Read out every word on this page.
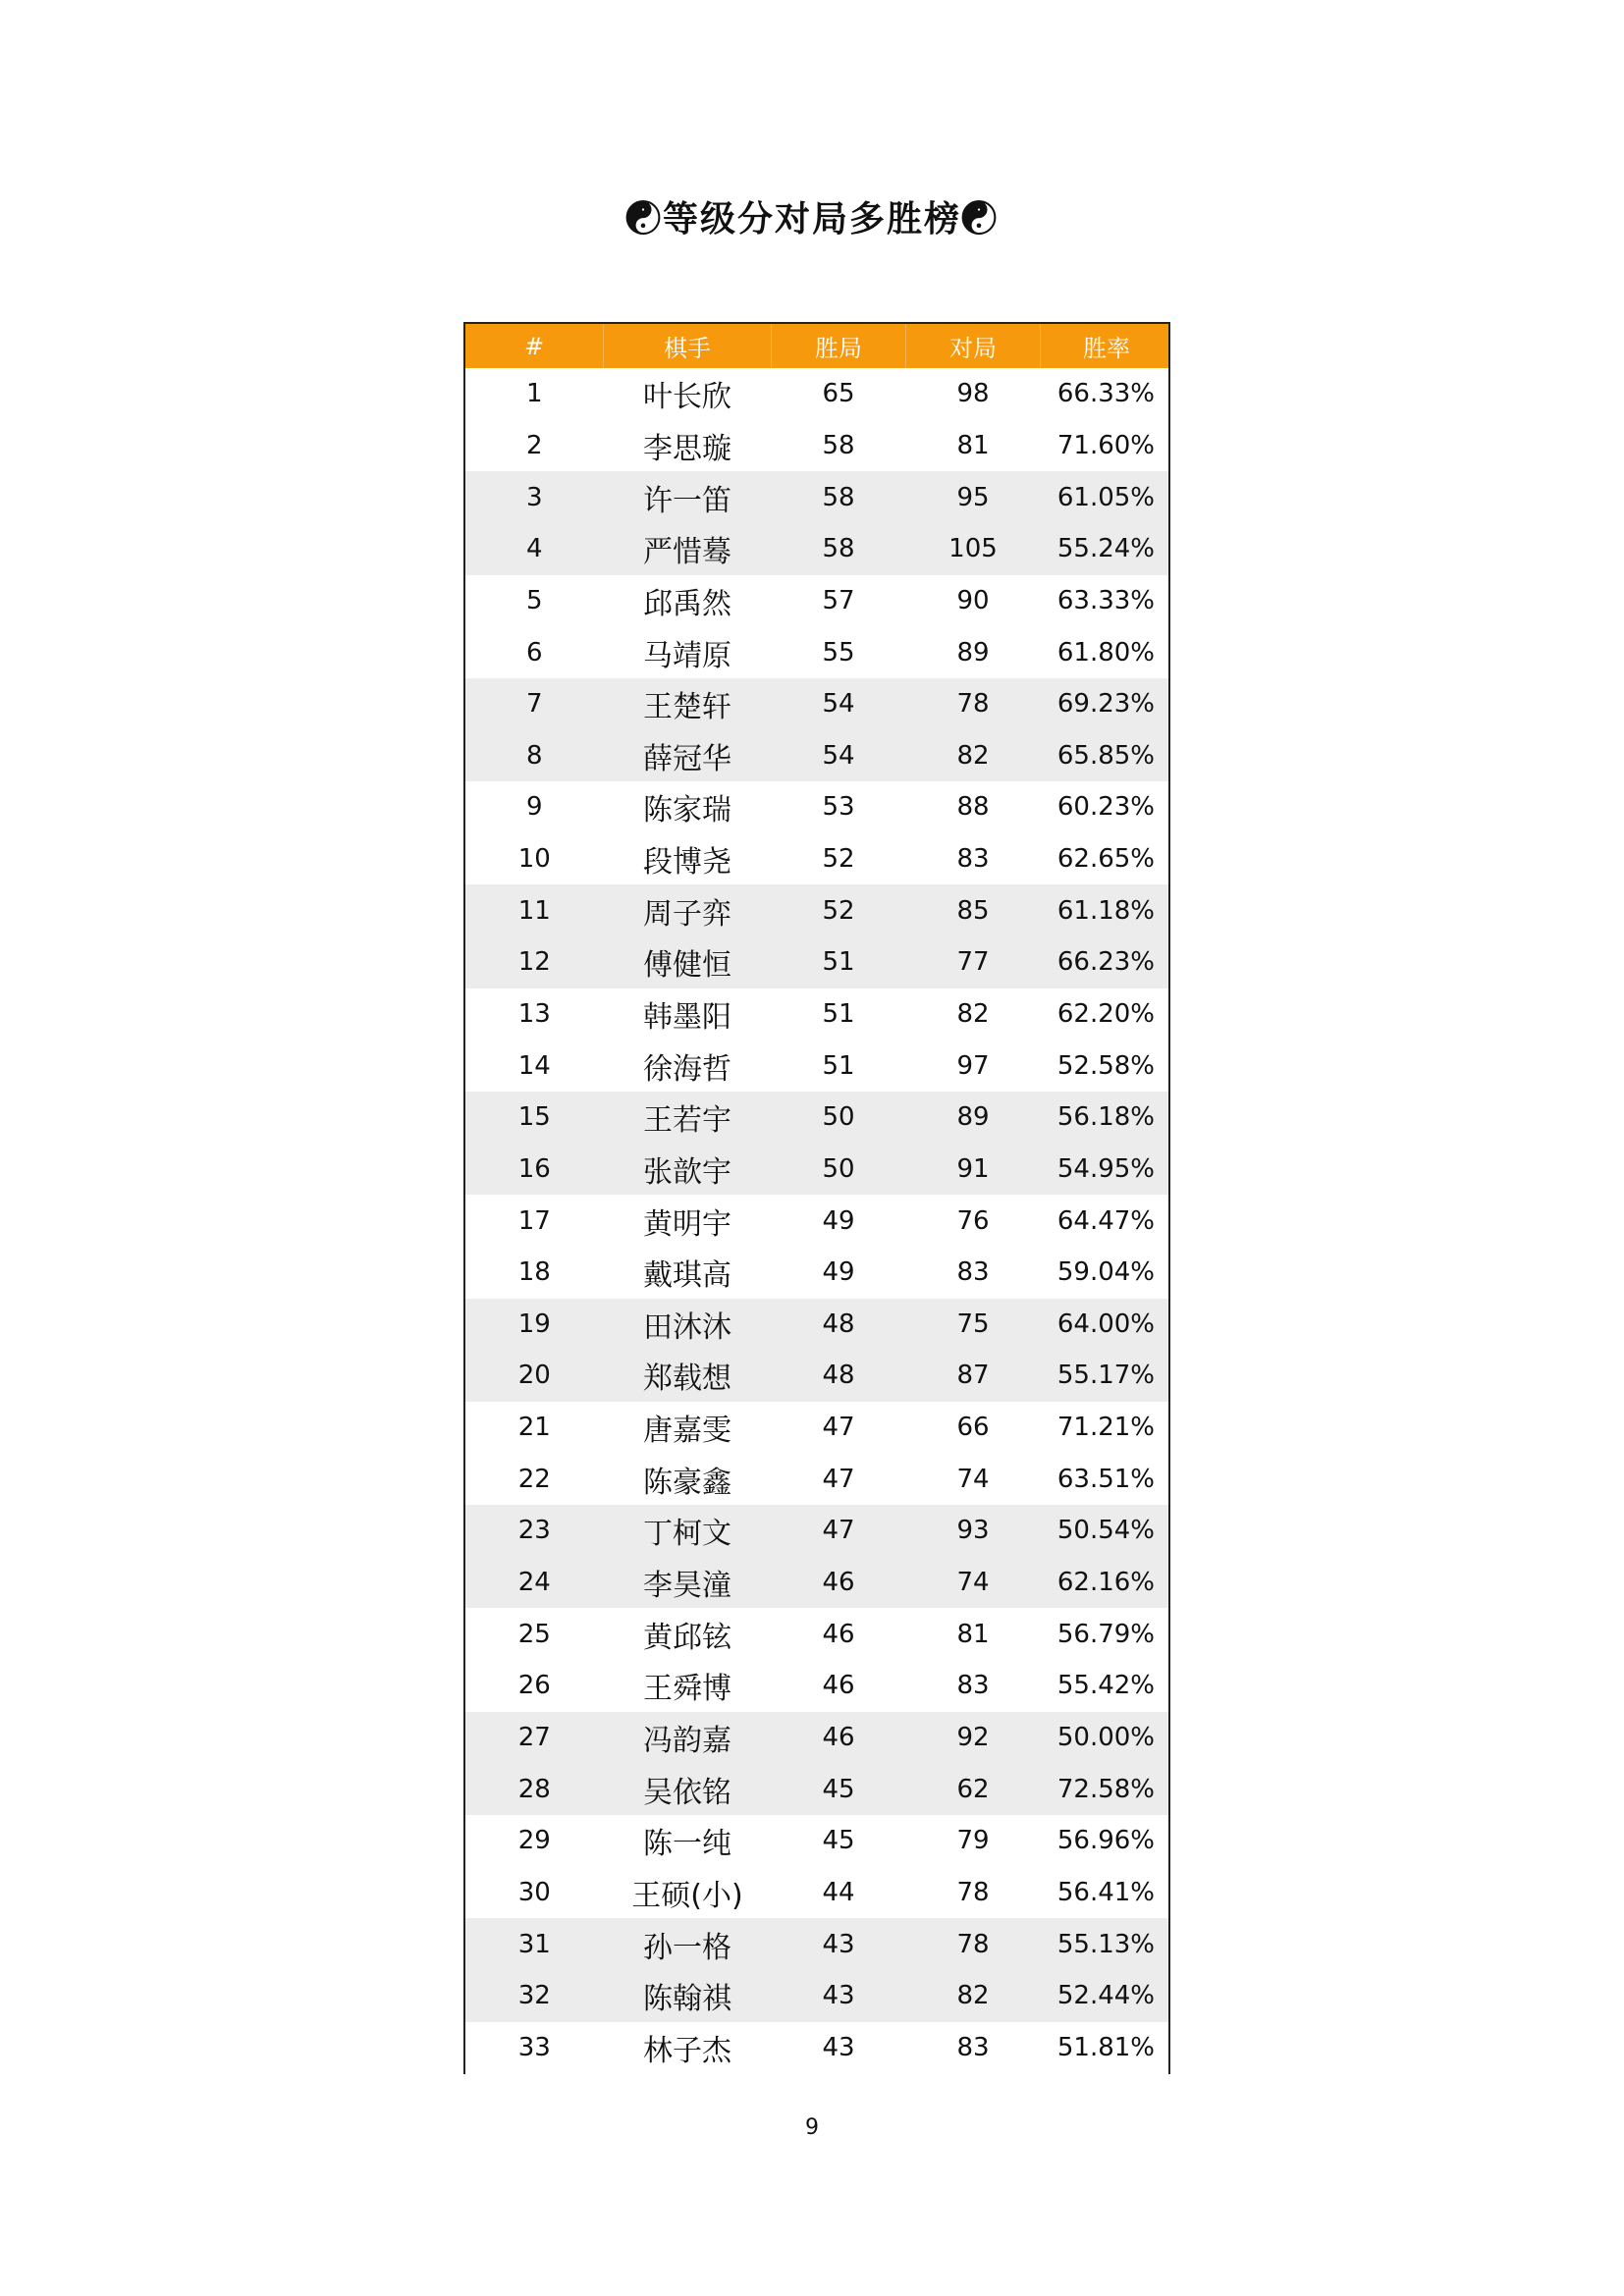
☯等级分对局多胜榜☯
#	棋手	胜局	对局	胜率
1	叶长欣	65	98	66.33%
2	李思璇	58	81	71.60%
3	许一笛	58	95	61.05%
4	严惜蓦	58	105	55.24%
5	邱禹然	57	90	63.33%
6	马靖原	55	89	61.80%
7	王楚轩	54	78	69.23%
8	薛冠华	54	82	65.85%
9	陈家瑞	53	88	60.23%
10	段博尧	52	83	62.65%
11	周子弈	52	85	61.18%
12	傅健恒	51	77	66.23%
13	韩墨阳	51	82	62.20%
14	徐海哲	51	97	52.58%
15	王若宇	50	89	56.18%
16	张歆宇	50	91	54.95%
17	黄明宇	49	76	64.47%
18	戴琪高	49	83	59.04%
19	田沐沐	48	75	64.00%
20	郑载想	48	87	55.17%
21	唐嘉雯	47	66	71.21%
22	陈豪鑫	47	74	63.51%
23	丁柯文	47	93	50.54%
24	李昊潼	46	74	62.16%
25	黄邱铉	46	81	56.79%
26	王舜博	46	83	55.42%
27	冯韵嘉	46	92	50.00%
28	吴依铭	45	62	72.58%
29	陈一纯	45	79	56.96%
30	王硕(小)	44	78	56.41%
31	孙一格	43	78	55.13%
32	陈翰祺	43	82	52.44%
33	林子杰	43	83	51.81%
9
